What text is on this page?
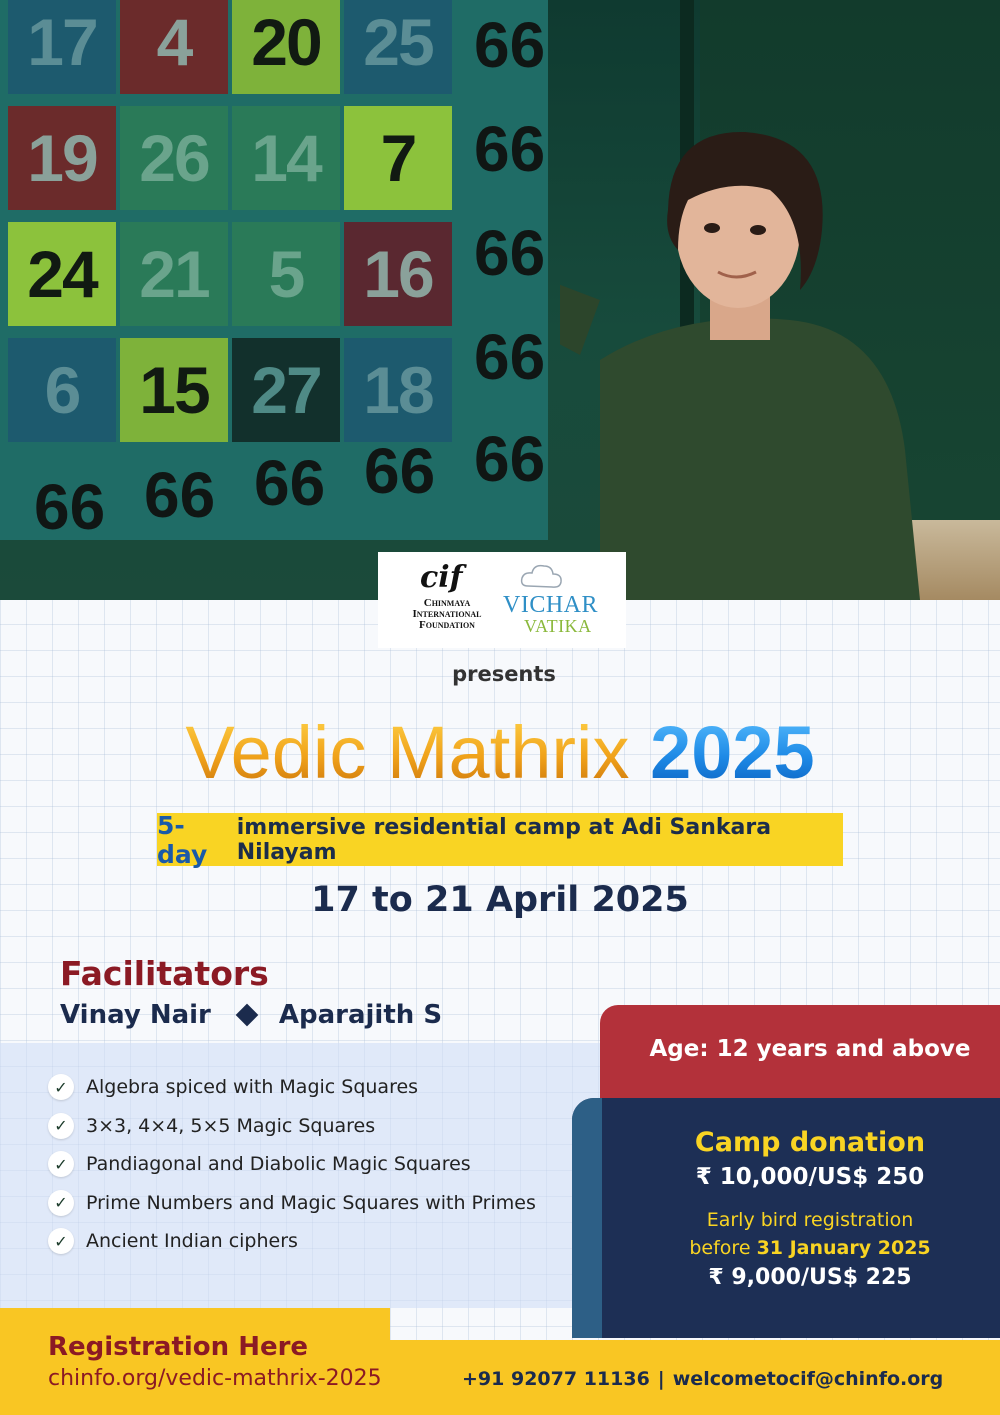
17 4 20 25
19 26 14 7
24 21 5 16
6 15 27 18
66
66
66
66
66 66 66 66 66
cif
Chinmaya International Foundation
VICHAR
VATIKA
presents
Vedic Mathrix 2025
5-day
immersive residential camp at Adi Sankara Nilayam
17 to 21 April 2025
Facilitators
Vinay Nair	Aparajith S
✓ Algebra spiced with Magic Squares
✓ 3×3, 4×4, 5×5 Magic Squares
✓ Pandiagonal and Diabolic Magic Squares
✓ Prime Numbers and Magic Squares with Primes
✓ Ancient Indian ciphers
Age: 12 years and above
Camp donation
₹ 10,000/US$ 250
Early bird registration
before 31 January 2025
₹ 9,000/US$ 225
Registration Here
chinfo.org/vedic-mathrix-2025	+91 92077 11136 | welcometocif@chinfo.org
